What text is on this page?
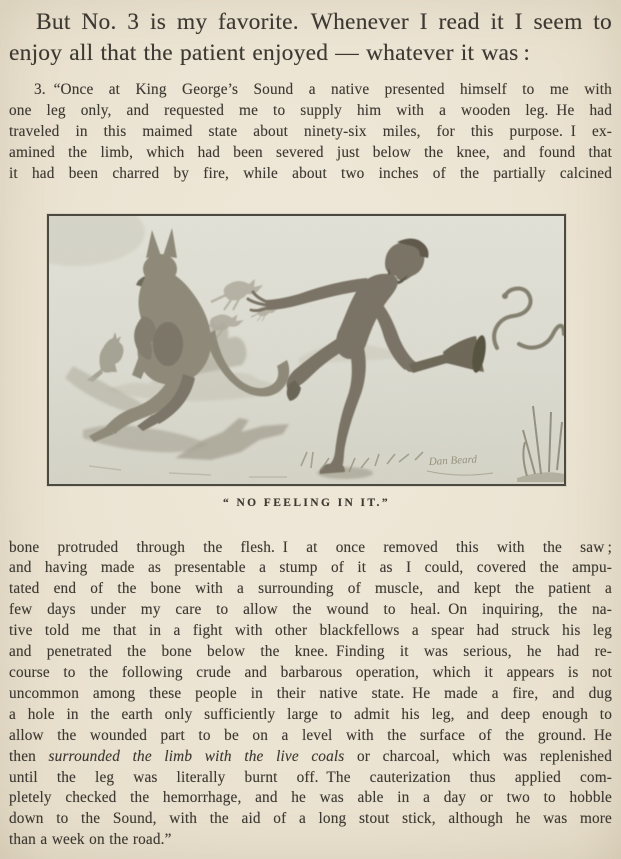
But No. 3 is my favorite. Whenever I read it I seem to
enjoy all that the patient enjoyed — whatever it was :

3. “Once at King George’s Sound a native presented himself to me with
one leg only, and requested me to supply him with a wooden leg. He had
traveled in this maimed state about ninety-six miles, for this purpose. I ex-
amined the limb, which had been severed just below the knee, and found that
it had been charred by fire, while about two inches of the partially calcined

“ NO FEELING IN IT.”

bone protruded through the flesh. I at once removed this with the saw ;
and having made as presentable a stump of it as I could, covered the ampu-
tated end of the bone with a surrounding of muscle, and kept the patient a
few days under my care to allow the wound to heal. On inquiring, the na-
tive told me that in a fight with other blackfellows a spear had struck his leg
and penetrated the bone below the knee. Finding it was serious, he had re-
course to the following crude and barbarous operation, which it appears is not
uncommon among these people in their native state. He made a fire, and dug
a hole in the earth only sufficiently large to admit his leg, and deep enough to
allow the wounded part to be on a level with the surface of the ground. He
then surrounded the limb with the live coals or charcoal, which was replenished
until the leg was literally burnt off. The cauterization thus applied com-
pletely checked the hemorrhage, and he was able in a day or two to hobble
down to the Sound, with the aid of a long stout stick, although he was more
than a week on the road.”
